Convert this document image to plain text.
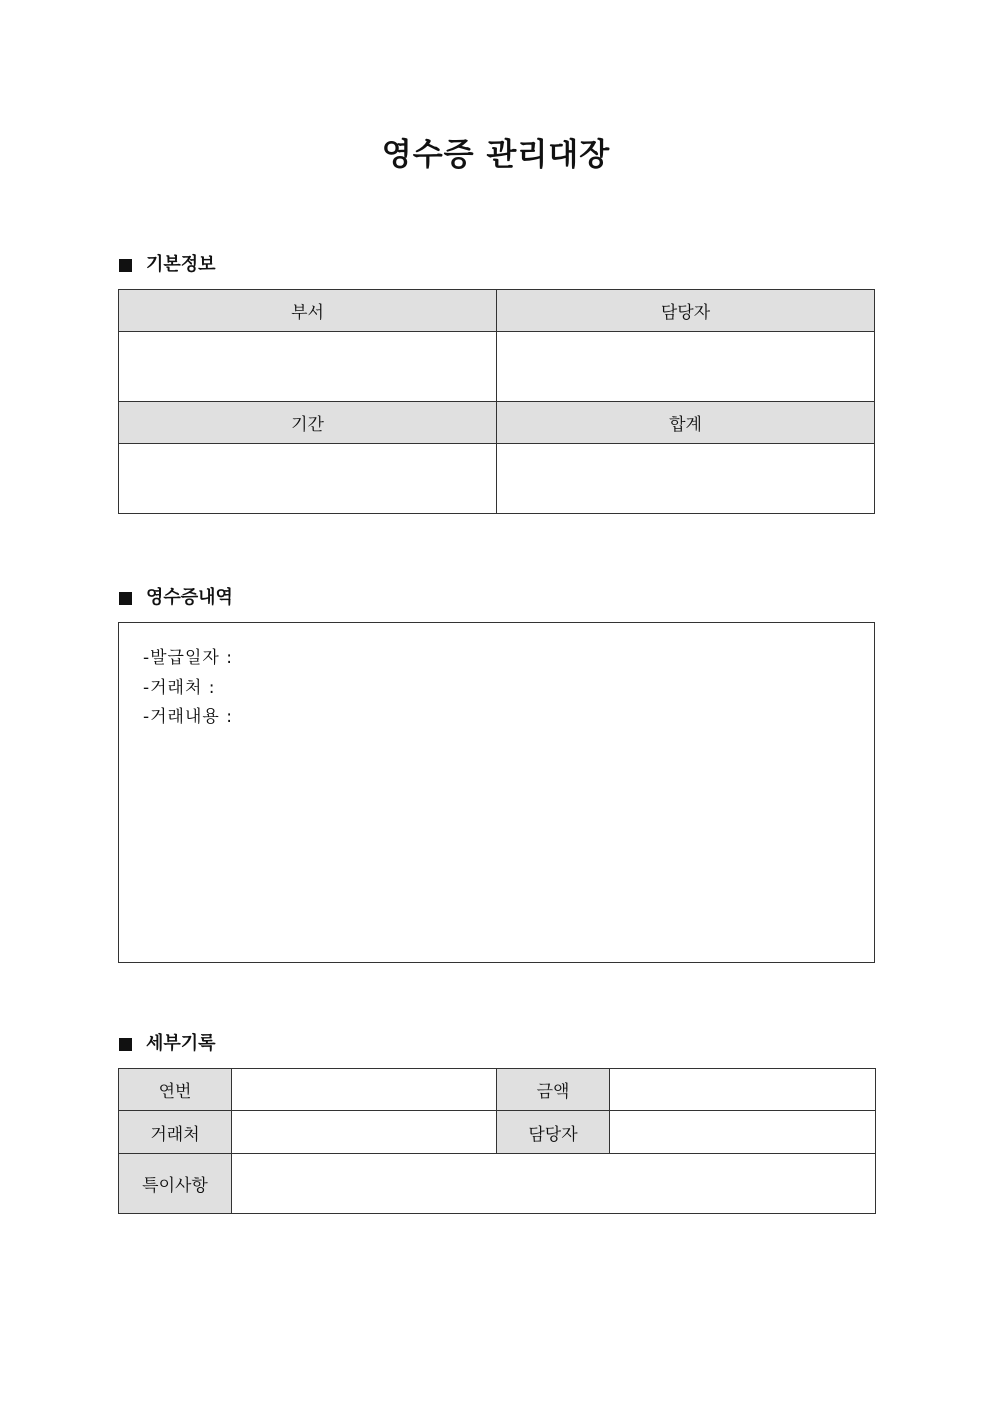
영수증 관리대장
기본정보
부서	담당자

기간	합계

영수증내역
-발급일자 :
-거래처 :
-거래내용 :
세부기록
연번		금액	
거래처		담당자	
특이사항			
